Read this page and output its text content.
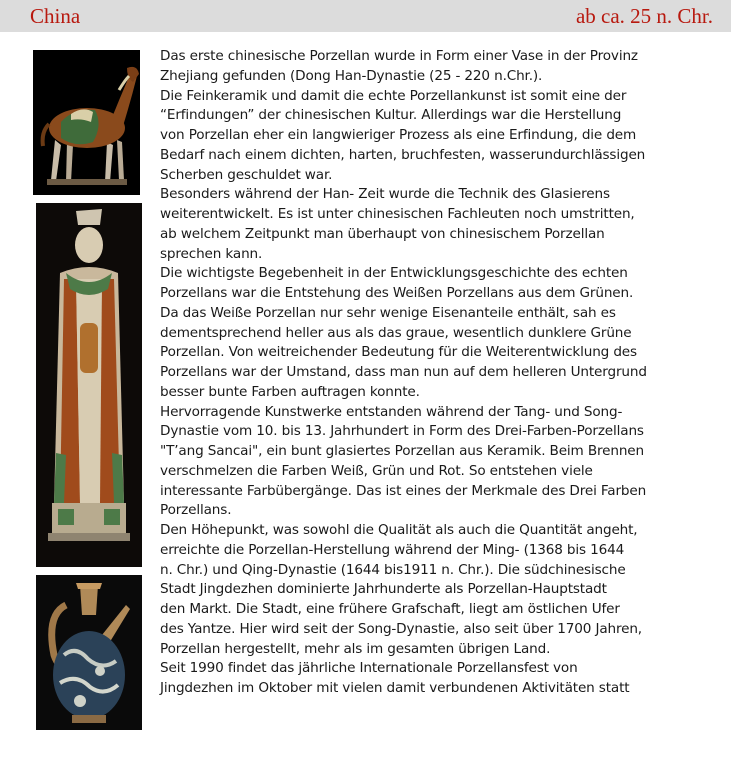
China	ab ca. 25 n. Chr.
Das erste chinesische Porzellan wurde in Form einer Vase in der Provinz
Zhejiang gefunden (Dong Han-Dynastie (25 - 220 n.Chr.).
Die Feinkeramik und damit die echte Porzellankunst ist somit eine der
“Erfindungen” der chinesischen Kultur. Allerdings war die Herstellung
von Porzellan eher ein langwieriger Prozess als eine Erfindung, die dem
Bedarf nach einem dichten, harten, bruchfesten, wasserundurchlässigen
Scherben geschuldet war.
Besonders während der Han- Zeit wurde die Technik des Glasierens
weiterentwickelt. Es ist unter chinesischen Fachleuten noch umstritten,
ab welchem Zeitpunkt man überhaupt von chinesischem Porzellan
sprechen kann.
Die wichtigste Begebenheit in der Entwicklungsgeschichte des echten
Porzellans war die Entstehung des Weißen Porzellans aus dem Grünen.
Da das Weiße Porzellan nur sehr wenige Eisenanteile enthält, sah es
dementsprechend heller aus als das graue, wesentlich dunklere Grüne
Porzellan. Von weitreichender Bedeutung für die Weiterentwicklung des
Porzellans war der Umstand, dass man nun auf dem helleren Untergrund
besser bunte Farben auftragen konnte.
Hervorragende Kunstwerke entstanden während der Tang- und Song-
Dynastie vom 10. bis 13. Jahrhundert in Form des Drei-Farben-Porzellans
"T’ang Sancai", ein bunt glasiertes Porzellan aus Keramik. Beim Brennen
verschmelzen die Farben Weiß, Grün und Rot. So entstehen viele
interessante Farbübergänge. Das ist eines der Merkmale des Drei Farben
Porzellans.
Den Höhepunkt, was sowohl die Qualität als auch die Quantität angeht,
erreichte die Porzellan-Herstellung während der Ming- (1368 bis 1644
n. Chr.) und Qing-Dynastie (1644 bis1911 n. Chr.). Die südchinesische
Stadt Jingdezhen dominierte Jahrhunderte als Porzellan-Hauptstadt
den Markt. Die Stadt, eine frühere Grafschaft, liegt am östlichen Ufer
des Yantze. Hier wird seit der Song-Dynastie, also seit über 1700 Jahren,
Porzellan hergestellt, mehr als im gesamten übrigen Land.
Seit 1990 findet das jährliche Internationale Porzellansfest von
Jingdezhen im Oktober mit vielen damit verbundenen Aktivitäten statt
